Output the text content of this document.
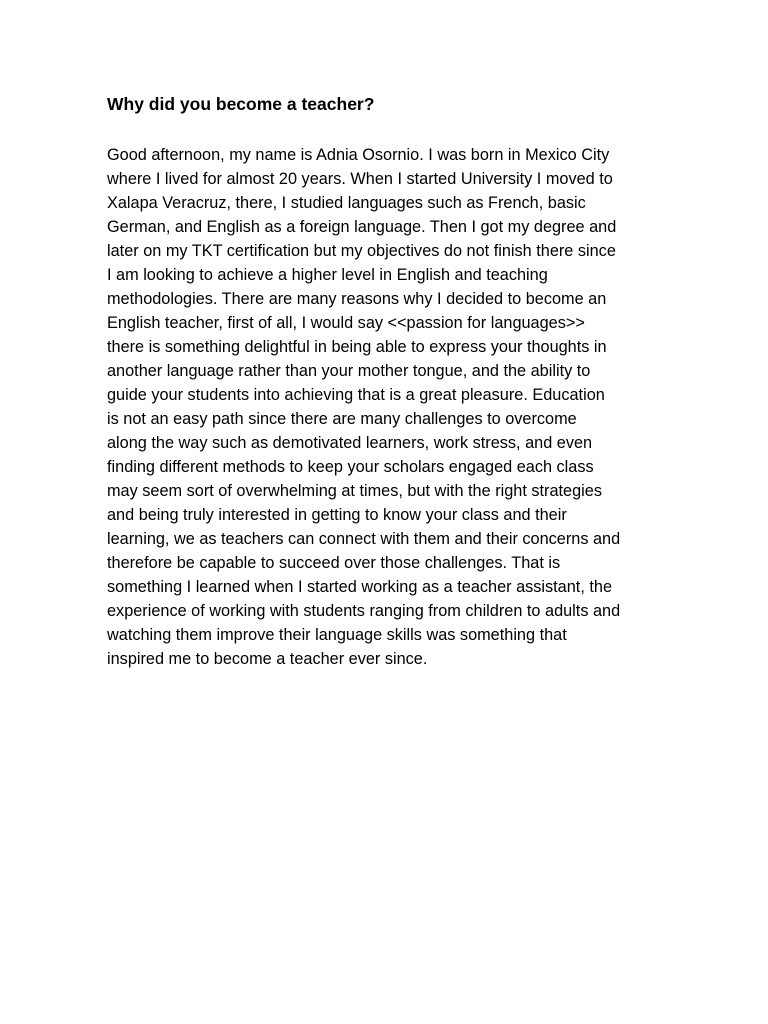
Why did you become a teacher?
Good afternoon, my name is Adnia Osornio. I was born in Mexico City
where I lived for almost 20 years. When I started University I moved to
Xalapa Veracruz, there, I studied languages such as French, basic
German, and English as a foreign language. Then I got my degree and
later on my TKT certification but my objectives do not finish there since
I am looking to achieve a higher level in English and teaching
methodologies. There are many reasons why I decided to become an
English teacher, first of all, I would say <<passion for languages>>
there is something delightful in being able to express your thoughts in
another language rather than your mother tongue, and the ability to
guide your students into achieving that is a great pleasure. Education
is not an easy path since there are many challenges to overcome
along the way such as demotivated learners, work stress, and even
finding different methods to keep your scholars engaged each class
may seem sort of overwhelming at times, but with the right strategies
and being truly interested in getting to know your class and their
learning, we as teachers can connect with them and their concerns and
therefore be capable to succeed over those challenges. That is
something I learned when I started working as a teacher assistant, the
experience of working with students ranging from children to adults and
watching them improve their language skills was something that
inspired me to become a teacher ever since.
